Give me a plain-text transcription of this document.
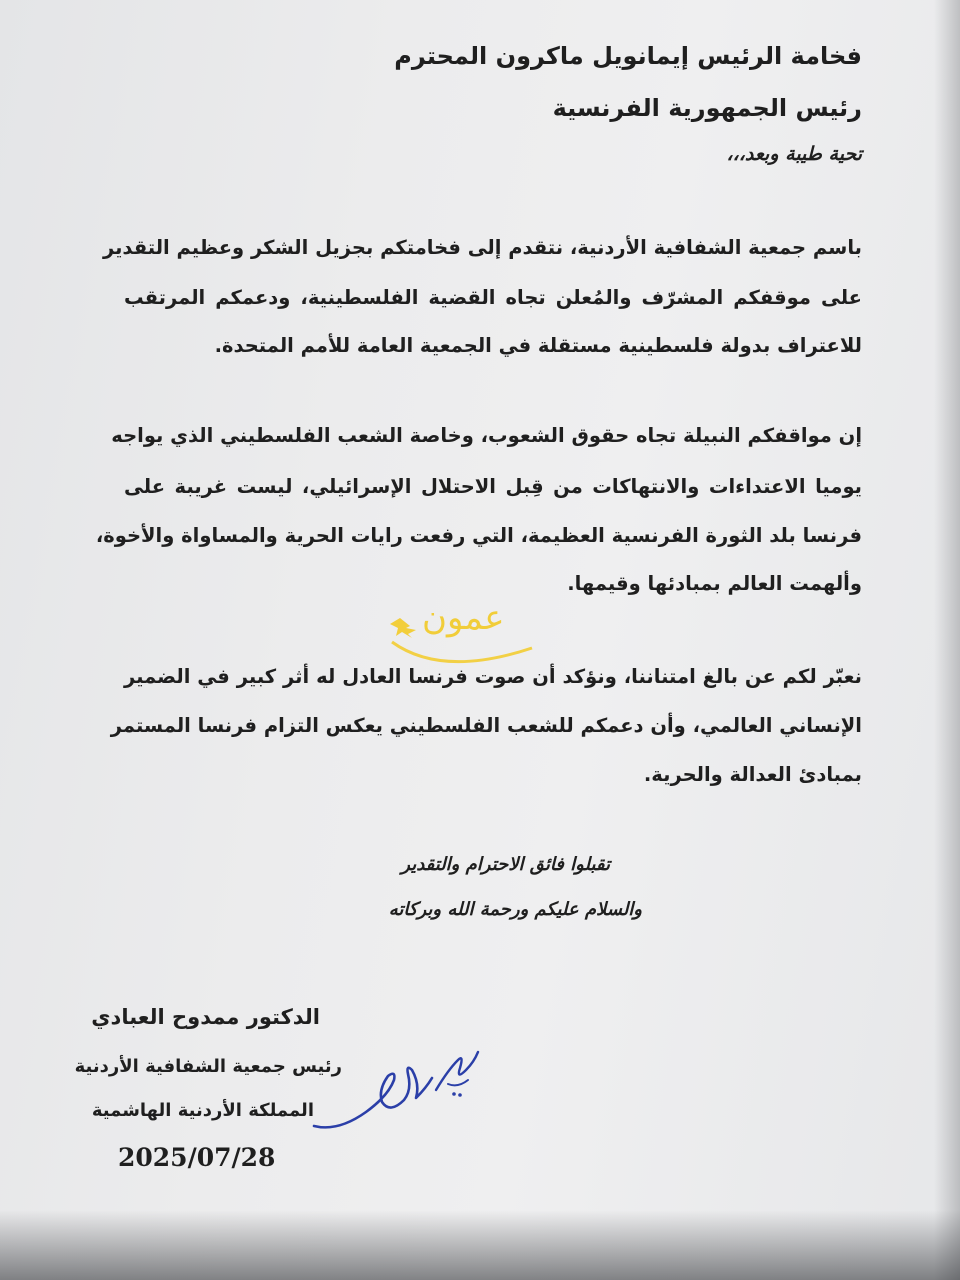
فخامة الرئيس إيمانويل ماكرون المحترم
رئيس الجمهورية الفرنسية
تحية طيبة وبعد،،،
باسم جمعية الشفافية الأردنية، نتقدم إلى فخامتكم بجزيل الشكر وعظيم التقدير
على موقفكم المشرّف والمُعلن تجاه القضية الفلسطينية، ودعمكم المرتقب
للاعتراف بدولة فلسطينية مستقلة في الجمعية العامة للأمم المتحدة.
إن مواقفكم النبيلة تجاه حقوق الشعوب، وخاصة الشعب الفلسطيني الذي يواجه
يوميا الاعتداءات والانتهاكات من قِبل الاحتلال الإسرائيلي، ليست غريبة على
فرنسا بلد الثورة الفرنسية العظيمة، التي رفعت رايات الحرية والمساواة والأخوة،
وألهمت العالم بمبادئها وقيمها.
نعبّر لكم عن بالغ امتناننا، ونؤكد أن صوت فرنسا العادل له أثر كبير في الضمير
الإنساني العالمي، وأن دعمكم للشعب الفلسطيني يعكس التزام فرنسا المستمر
بمبادئ العدالة والحرية.
تقبلوا فائق الاحترام والتقدير
والسلام عليكم ورحمة الله وبركاته
الدكتور ممدوح العبادي
رئيس جمعية الشفافية الأردنية
المملكة الأردنية الهاشمية
2025/07/28
عمون
